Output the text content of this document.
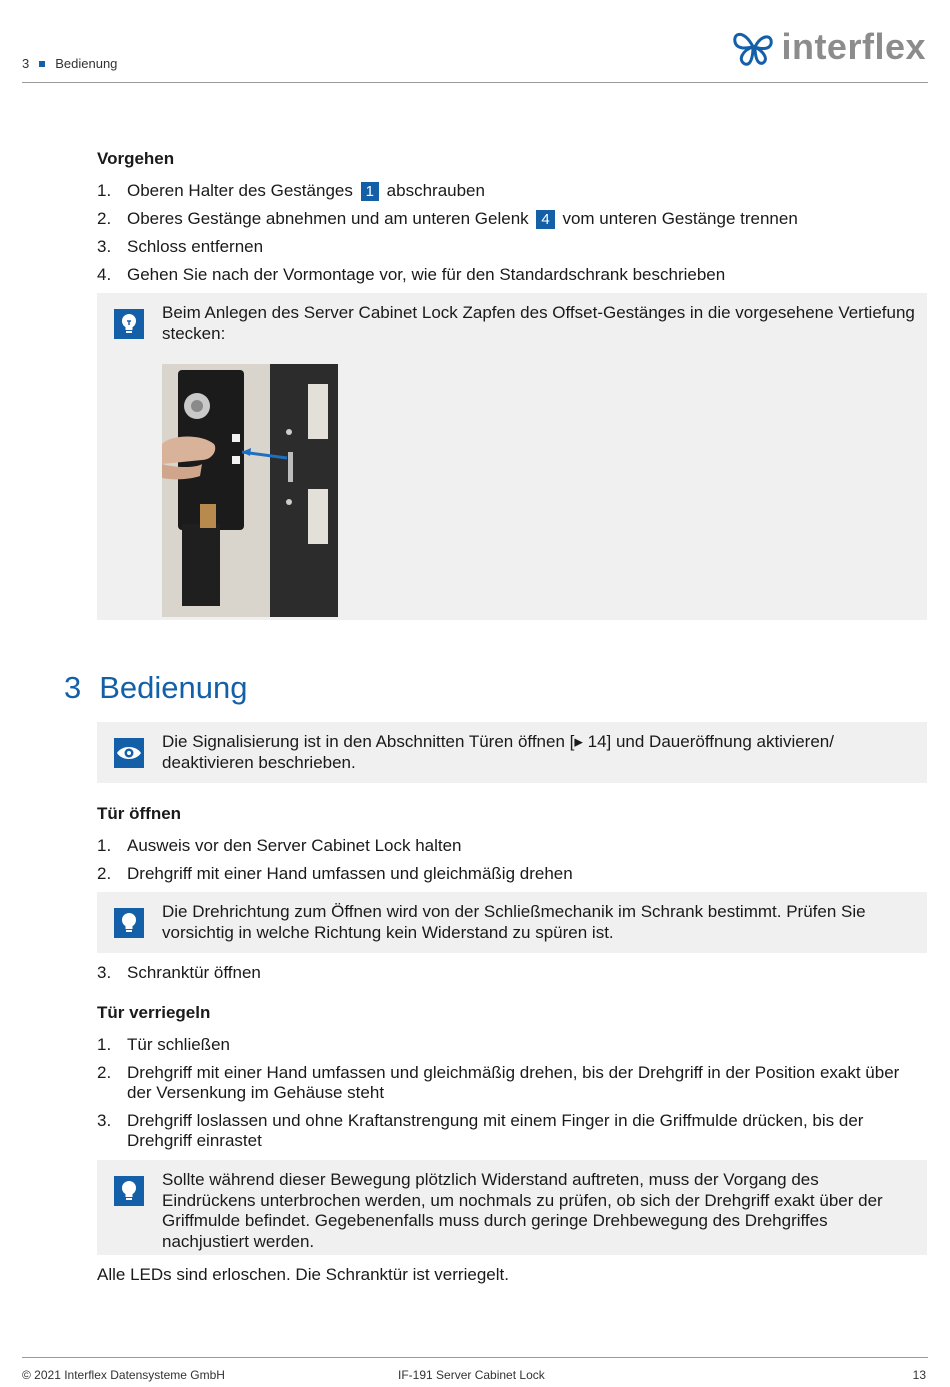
3 Bedienung	interflex
Vorgehen
1. Oberen Halter des Gestänges 1 abschrauben
2. Oberes Gestänge abnehmen und am unteren Gelenk 4 vom unteren Gestänge trennen
3. Schloss entfernen
4. Gehen Sie nach der Vormontage vor, wie für den Standardschrank beschrieben
Beim Anlegen des Server Cabinet Lock Zapfen des Offset-Gestänges in die vorgesehene Vertiefung stecken:
3 Bedienung
Die Signalisierung ist in den Abschnitten Türen öffnen [▸ 14] und Daueröffnung aktivieren/ deaktivieren beschrieben.
Tür öffnen
1. Ausweis vor den Server Cabinet Lock halten
2. Drehgriff mit einer Hand umfassen und gleichmäßig drehen
Die Drehrichtung zum Öffnen wird von der Schließmechanik im Schrank bestimmt. Prüfen Sie vorsichtig in welche Richtung kein Widerstand zu spüren ist.
3. Schranktür öffnen
Tür verriegeln
1. Tür schließen
2. Drehgriff mit einer Hand umfassen und gleichmäßig drehen, bis der Drehgriff in der Position exakt über der Versenkung im Gehäuse steht
3. Drehgriff loslassen und ohne Kraftanstrengung mit einem Finger in die Griffmulde drücken, bis der Drehgriff einrastet
Sollte während dieser Bewegung plötzlich Widerstand auftreten, muss der Vorgang des Eindrückens unterbrochen werden, um nochmals zu prüfen, ob sich der Drehgriff exakt über der Griffmulde befindet. Gegebenenfalls muss durch geringe Drehbewegung des Drehgriffes nachjustiert werden.
Alle LEDs sind erloschen. Die Schranktür ist verriegelt.
© 2021 Interflex Datensysteme GmbH	IF-191 Server Cabinet Lock	13
